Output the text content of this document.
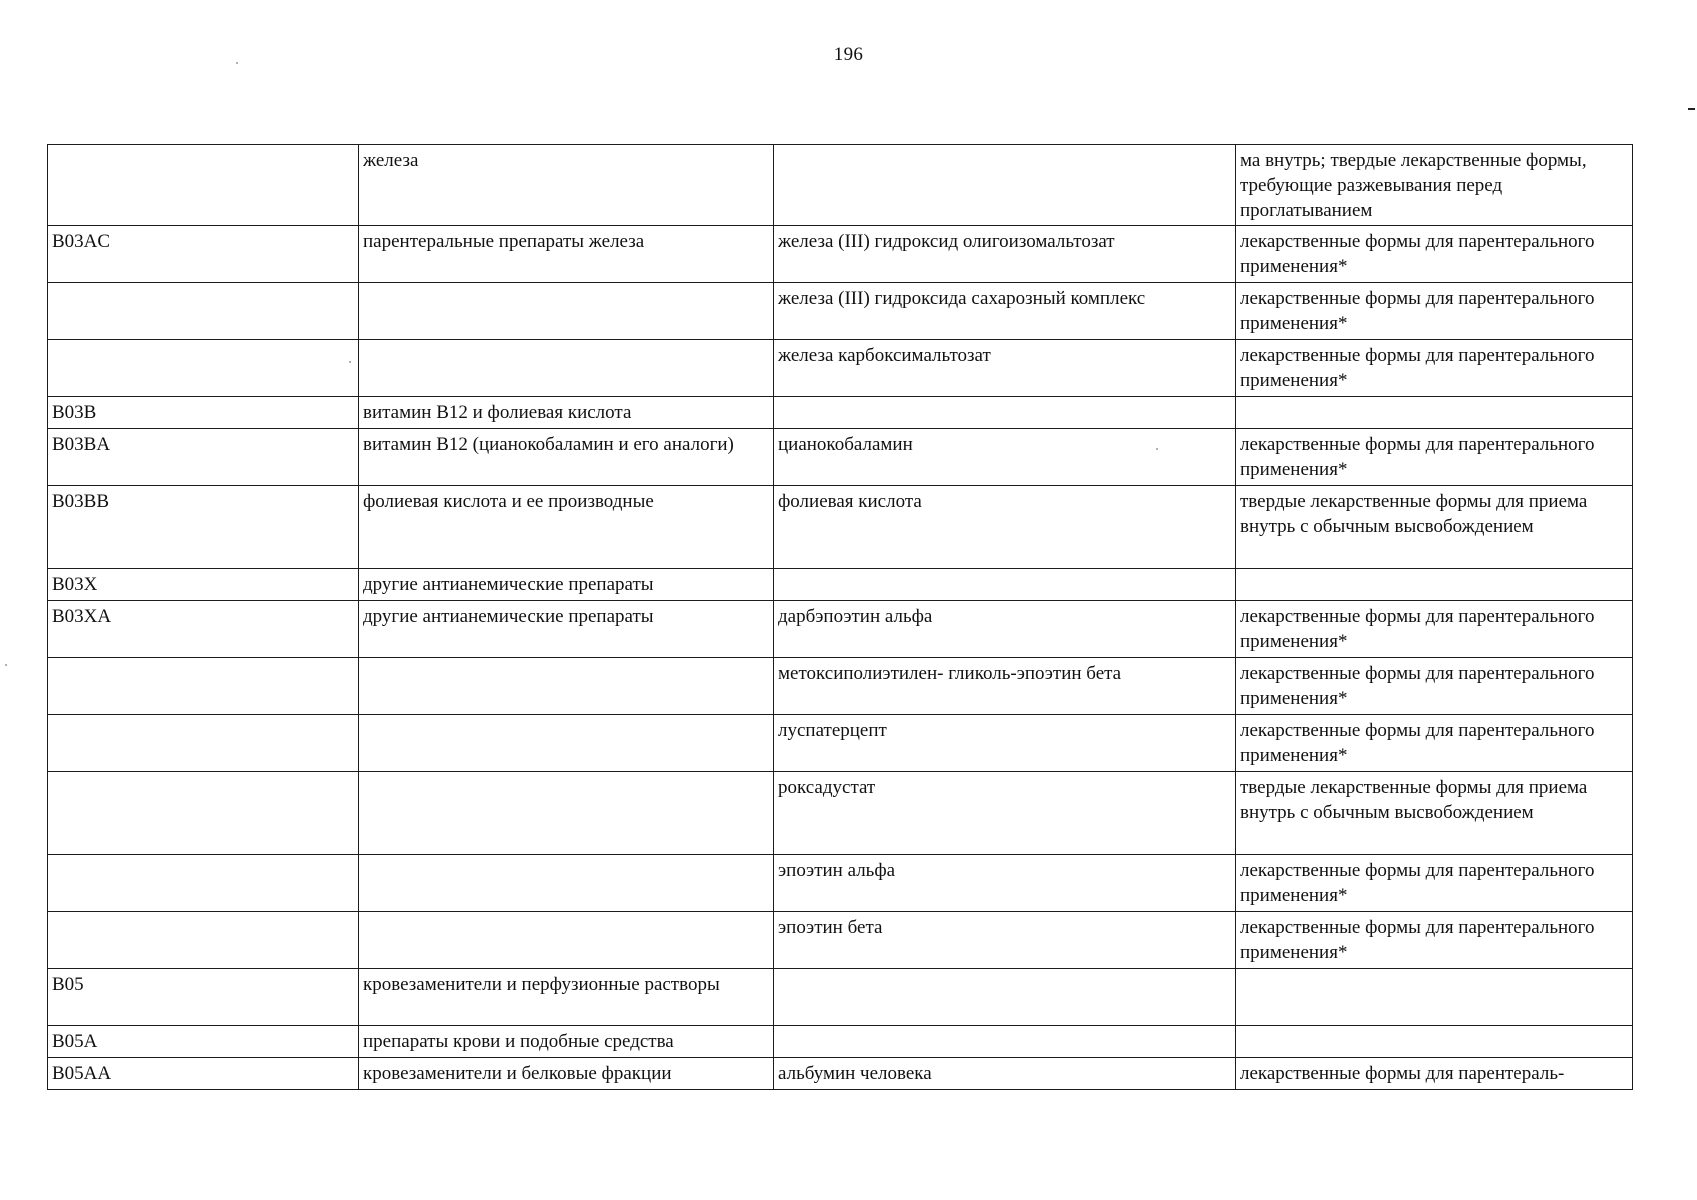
196
	железа		ма внутрь; твердые лекарственные формы, требующие разжевывания перед проглатыванием
B03AC	парентеральные препараты железа	железа (III) гидроксид олигоизомальтозат	лекарственные формы для парентерального применения*
		железа (III) гидроксида сахарозный комплекс	лекарственные формы для парентерального применения*
		железа карбоксимальтозат	лекарственные формы для парентерального применения*
B03B	витамин B12 и фолиевая кислота		
B03BA	витамин B12 (цианокобаламин и его аналоги)	цианокобаламин	лекарственные формы для парентерального применения*
B03BB	фолиевая кислота и ее производные	фолиевая кислота	твердые лекарственные формы для приема внутрь с обычным высвобождением
B03X	другие антианемические препараты		
B03XA	другие антианемические препараты	дарбэпоэтин альфа	лекарственные формы для парентерального применения*
		метоксиполиэтилен- гликоль-эпоэтин бета	лекарственные формы для парентерального применения*
		луспатерцепт	лекарственные формы для парентерального применения*
		роксадустат	твердые лекарственные формы для приема внутрь с обычным высвобождением
		эпоэтин альфа	лекарственные формы для парентерального применения*
		эпоэтин бета	лекарственные формы для парентерального применения*
B05	кровезаменители и перфузионные растворы		
B05A	препараты крови и подобные средства		
B05AA	кровезаменители и белковые фракции	альбумин человека	лекарственные формы для парентераль-
